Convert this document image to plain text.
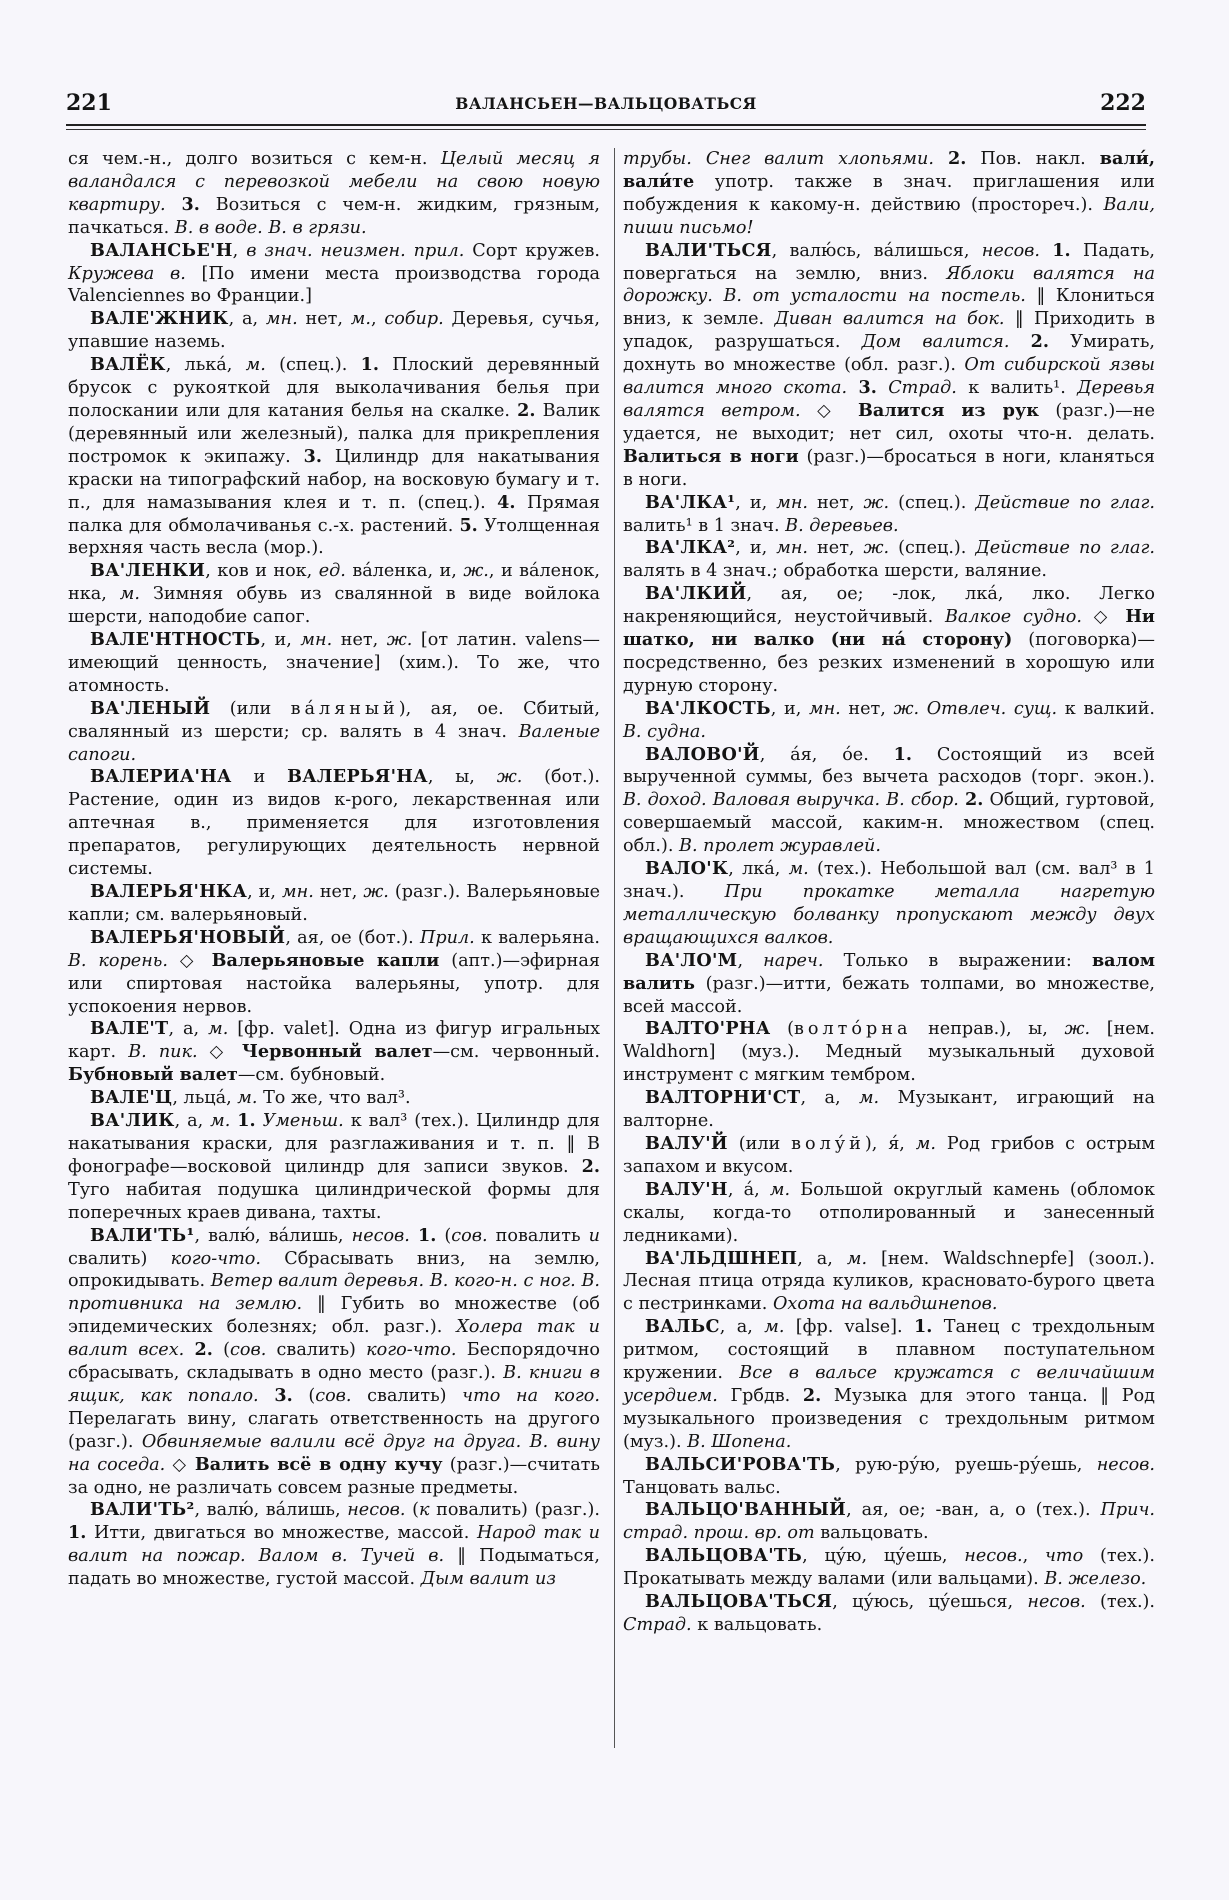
221	ВАЛАНСЬЕН—ВАЛЬЦОВАТЬСЯ	222

ся чем.-н., долго возиться с кем-н. Целый месяц я валандался с перевозкой мебели на свою новую квартиру. 3. Возиться с чем-н. жидким, грязным, пачкаться. В. в воде. В. в грязи.

ВАЛАНСЬЕ'Н, в знач. неизмен. прил. Сорт кружев. Кружева в. [По имени места производства города Valenciennes во Франции.]

ВАЛЕ'ЖНИК, а, мн. нет, м., собир. Деревья, сучья, упавшие наземь.

ВАЛЁК, лька́, м. (спец.). 1. Плоский деревянный брусок с рукояткой для выколачивания белья при полоскании или для катания белья на скалке. 2. Валик (деревянный или железный), палка для прикрепления постромок к экипажу. 3. Цилиндр для накатывания краски на типографский набор, на восковую бумагу и т. п., для намазывания клея и т. п. (спец.). 4. Прямая палка для обмолачиванья с.-х. растений. 5. Утолщенная верхняя часть весла (мор.).

ВА'ЛЕНКИ, ков и нок, ед. ва́ленка, и, ж., и ва́ленок, нка, м. Зимняя обувь из свалянной в виде войлока шерсти, наподобие сапог.

ВАЛЕ'НТНОСТЬ, и, мн. нет, ж. [от латин. valens—имеющий ценность, значение] (хим.). То же, что атомность.

ВА'ЛЕНЫЙ (или ва́ляный), ая, ое. Сбитый, свалянный из шерсти; ср. валять в 4 знач. Валеные сапоги.

ВАЛЕРИА'НА и ВАЛЕРЬЯ'НА, ы, ж. (бот.). Растение, один из видов к-рого, лекарственная или аптечная в., применяется для изготовления препаратов, регулирующих деятельность нервной системы.

ВАЛЕРЬЯ'НКА, и, мн. нет, ж. (разг.). Валерьяновые капли; см. валерьяновый.

ВАЛЕРЬЯ'НОВЫЙ, ая, ое (бот.). Прил. к валерьяна. В. корень. ◇ Валерьяновые капли (апт.)—эфирная или спиртовая настойка валерьяны, употр. для успокоения нервов.

ВАЛЕ'Т, а, м. [фр. valet]. Одна из фигур игральных карт. В. пик. ◇ Червонный валет—см. червонный. Бубновый валет—см. бубновый.

ВАЛЕ'Ц, льца́, м. То же, что вал³.

ВА'ЛИК, а, м. 1. Уменьш. к вал³ (тех.). Цилиндр для накатывания краски, для разглаживания и т. п. ‖ В фонографе—восковой цилиндр для записи звуков. 2. Туго набитая подушка цилиндрической формы для поперечных краев дивана, тахты.

ВАЛИ'ТЬ¹, валю́, ва́лишь, несов. 1. (сов. повалить и свалить) кого-что. Сбрасывать вниз, на землю, опрокидывать. Ветер валит деревья. В. кого-н. с ног. В. противника на землю. ‖ Губить во множестве (об эпидемических болезнях; обл. разг.). Холера так и валит всех. 2. (сов. свалить) кого-что. Беспорядочно сбрасывать, складывать в одно место (разг.). В. книги в ящик, как попало. 3. (сов. свалить) что на кого. Перелагать вину, слагать ответственность на другого (разг.). Обвиняемые валили всё друг на друга. В. вину на соседа. ◇ Валить всё в одну кучу (разг.)—считать за одно, не различать совсем разные предметы.

ВАЛИ'ТЬ², валю́, ва́лишь, несов. (к повалить) (разг.). 1. Итти, двигаться во множестве, массой. Народ так и валит на пожар. Валом в. Тучей в. ‖ Подыматься, падать во множестве, густой массой. Дым валит из

трубы. Снег валит хлопьями. 2. Пов. накл. вали́, вали́те употр. также в знач. приглашения или побуждения к какому-н. действию (простореч.). Вали, пиши письмо!

ВАЛИ'ТЬСЯ, валю́сь, ва́лишься, несов. 1. Падать, повергаться на землю, вниз. Яблоки валятся на дорожку. В. от усталости на постель. ‖ Клониться вниз, к земле. Диван валится на бок. ‖ Приходить в упадок, разрушаться. Дом валится. 2. Умирать, дохнуть во множестве (обл. разг.). От сибирской язвы валится много скота. 3. Страд. к валить¹. Деревья валятся ветром. ◇ Валится из рук (разг.)—не удается, не выходит; нет сил, охоты что-н. делать. Валиться в ноги (разг.)—бросаться в ноги, кланяться в ноги.

ВА'ЛКА¹, и, мн. нет, ж. (спец.). Действие по глаг. валить¹ в 1 знач. В. деревьев.

ВА'ЛКА², и, мн. нет, ж. (спец.). Действие по глаг. валять в 4 знач.; обработка шерсти, валяние.

ВА'ЛКИЙ, ая, ое; -лок, лка́, лко. Легко накреняющийся, неустойчивый. Валкое судно. ◇ Ни шатко, ни валко (ни на́ сторону) (поговорка)—посредственно, без резких изменений в хорошую или дурную сторону.

ВА'ЛКОСТЬ, и, мн. нет, ж. Отвлеч. сущ. к валкий. В. судна.

ВАЛОВО'Й, а́я, о́е. 1. Состоящий из всей вырученной суммы, без вычета расходов (торг. экон.). В. доход. Валовая выручка. В. сбор. 2. Общий, гуртовой, совершаемый массой, каким-н. множеством (спец. обл.). В. пролет журавлей.

ВАЛО'К, лка́, м. (тех.). Небольшой вал (см. вал³ в 1 знач.). При прокатке металла нагретую металлическую болванку пропускают между двух вращающихся валков.

ВА'ЛО'М, нареч. Только в выражении: валом валить (разг.)—итти, бежать толпами, во множестве, всей массой.

ВАЛТО'РНА (волто́рна неправ.), ы, ж. [нем. Waldhorn] (муз.). Медный музыкальный духовой инструмент с мягким тембром.

ВАЛТОРНИ'СТ, а, м. Музыкант, играющий на валторне.

ВАЛУ'Й (или волу́й), я́, м. Род грибов с острым запахом и вкусом.

ВАЛУ'Н, а́, м. Большой округлый камень (обломок скалы, когда-то отполированный и занесенный ледниками).

ВА'ЛЬДШНЕП, а, м. [нем. Waldschnepfe] (зоол.). Лесная птица отряда куликов, красновато-бурого цвета с пестринками. Охота на вальдшнепов.

ВАЛЬС, а, м. [фр. valse]. 1. Танец с трехдольным ритмом, состоящий в плавном поступательном кружении. Все в вальсе кружатся с величайшим усердием. Грбдв. 2. Музыка для этого танца. ‖ Род музыкального произведения с трехдольным ритмом (муз.). В. Шопена.

ВАЛЬСИ'РОВА'ТЬ, рую-ру́ю, руешь-ру́ешь, несов. Танцовать вальс.

ВАЛЬЦО'ВАННЫЙ, ая, ое; -ван, а, о (тех.). Прич. страд. прош. вр. от вальцовать.

ВАЛЬЦОВА'ТЬ, цу́ю, цу́ешь, несов., что (тех.). Прокатывать между валами (или вальцами). В. железо.

ВАЛЬЦОВА'ТЬСЯ, цу́юсь, цу́ешься, несов. (тех.). Страд. к вальцовать.
